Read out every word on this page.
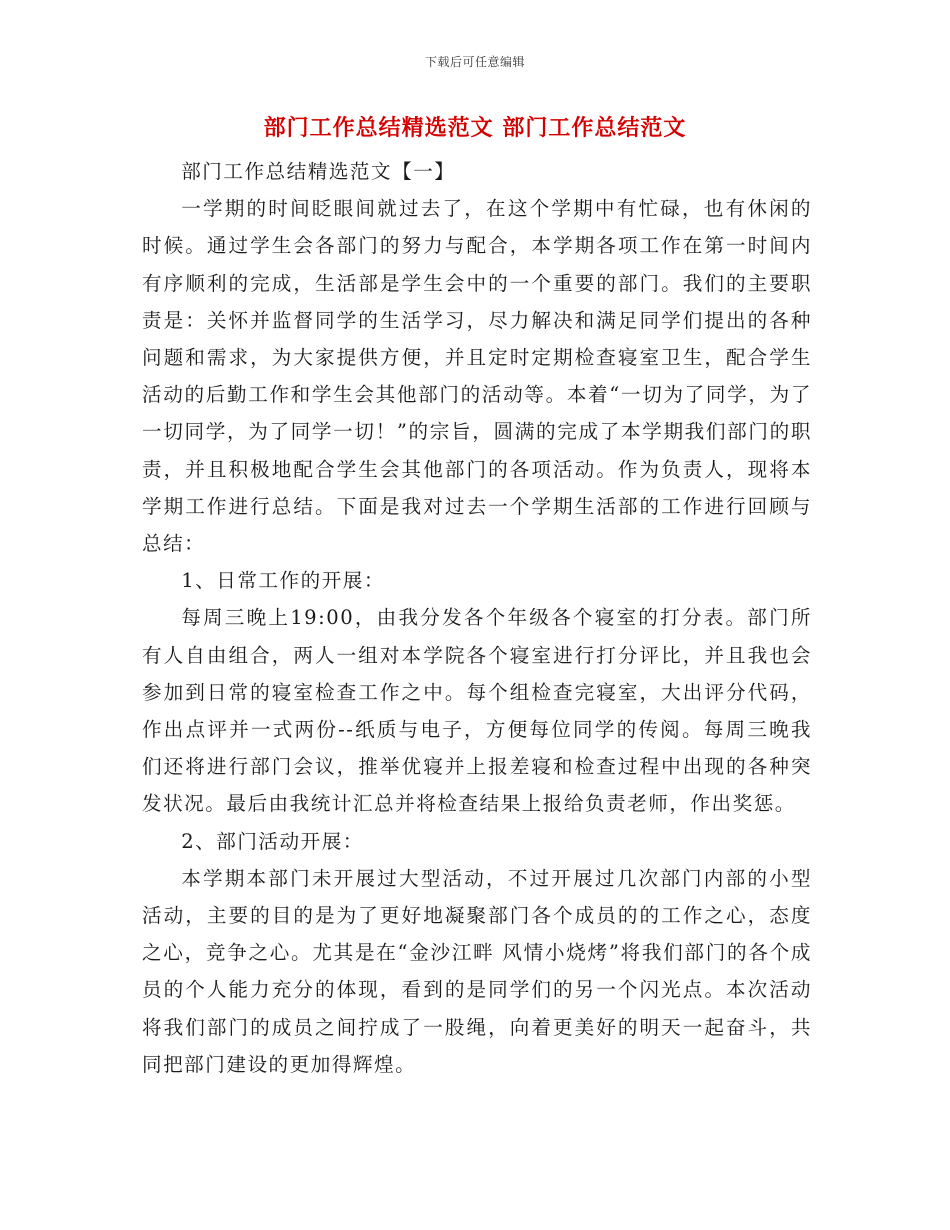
下载后可任意编辑
部门工作总结精选范文 部门工作总结范文

部门工作总结精选范文【一】

一学期的时间眨眼间就过去了，在这个学期中有忙碌，也有休闲的时候。通过学生会各部门的努力与配合，本学期各项工作在第一时间内有序顺利的完成，生活部是学生会中的一个重要的部门。我们的主要职责是：关怀并监督同学的生活学习，尽力解决和满足同学们提出的各种问题和需求，为大家提供方便，并且定时定期检查寝室卫生，配合学生活动的后勤工作和学生会其他部门的活动等。本着“一切为了同学，为了一切同学，为了同学一切！”的宗旨，圆满的完成了本学期我们部门的职责，并且积极地配合学生会其他部门的各项活动。作为负责人，现将本学期工作进行总结。下面是我对过去一个学期生活部的工作进行回顾与总结：

1、日常工作的开展：

每周三晚上19:00，由我分发各个年级各个寝室的打分表。部门所有人自由组合，两人一组对本学院各个寝室进行打分评比，并且我也会参加到日常的寝室检查工作之中。每个组检查完寝室，大出评分代码，作出点评并一式两份--纸质与电子，方便每位同学的传阅。每周三晚我们还将进行部门会议，推举优寝并上报差寝和检查过程中出现的各种突发状况。最后由我统计汇总并将检查结果上报给负责老师，作出奖惩。

2、部门活动开展：

本学期本部门未开展过大型活动，不过开展过几次部门内部的小型活动，主要的目的是为了更好地凝聚部门各个成员的的工作之心，态度之心，竞争之心。尤其是在“金沙江畔 风情小烧烤”将我们部门的各个成员的个人能力充分的体现，看到的是同学们的另一个闪光点。本次活动将我们部门的成员之间拧成了一股绳，向着更美好的明天一起奋斗，共同把部门建设的更加得辉煌。
